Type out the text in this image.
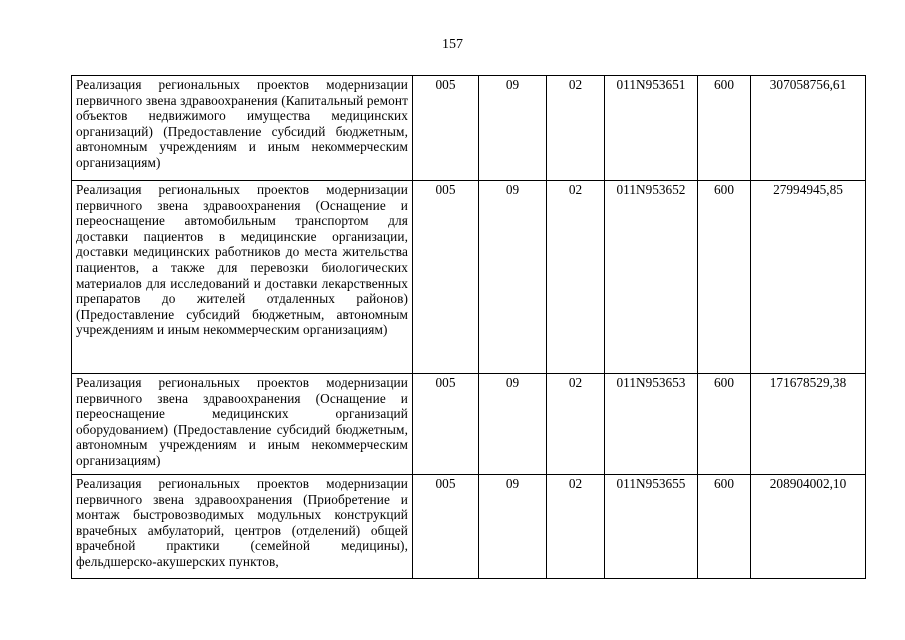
157
Реализация региональных проектов модернизации первичного звена здравоохранения (Капитальный ремонт объектов недвижимого имущества медицинских организаций) (Предоставление субсидий бюджетным, автономным учреждениям и иным некоммерческим организациям)	005	09	02	011N953651	600	307058756,61

Реализация региональных проектов модернизации первичного звена здравоохранения (Оснащение и переоснащение автомобильным транспортом для доставки пациентов в медицинские организации, доставки медицинских работников до места жительства пациентов, а также для перевозки биологических материалов для исследований и доставки лекарственных препаратов до жителей отдаленных районов) (Предоставление субсидий бюджетным, автономным учреждениям и иным некоммерческим организациям)	005	09	02	011N953652	600	27994945,85

Реализация региональных проектов модернизации первичного звена здравоохранения (Оснащение и переоснащение медицинских организаций оборудованием) (Предоставление субсидий бюджетным, автономным учреждениям и иным некоммерческим организациям)	005	09	02	011N953653	600	171678529,38

Реализация региональных проектов модернизации первичного звена здравоохранения (Приобретение и монтаж быстровозводимых модульных конструкций врачебных амбулаторий, центров (отделений) общей врачебной практики (семейной медицины), фельдшерско-акушерских пунктов,	005	09	02	011N953655	600	208904002,10
